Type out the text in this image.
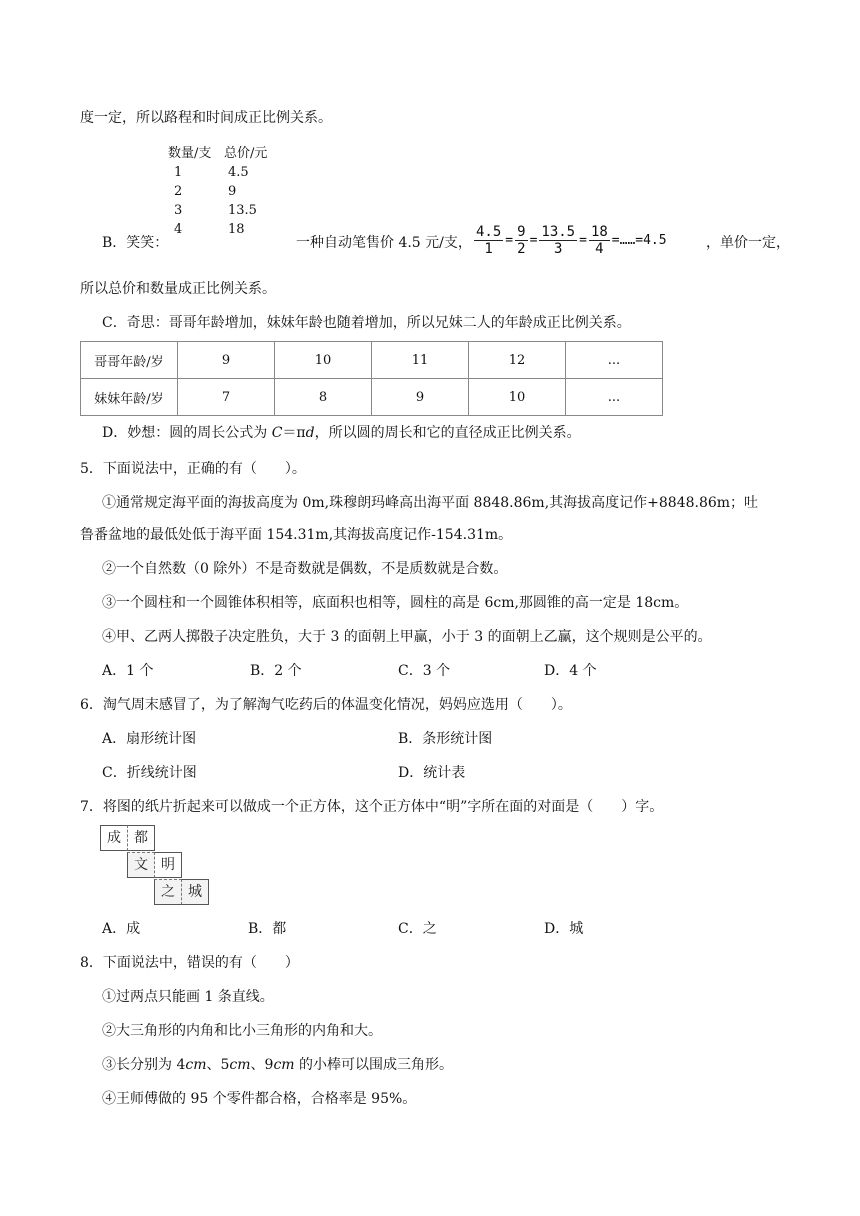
度一定，所以路程和时间成正比例关系。
数量/支 总价/元
1	4.5
2	9
3	13.5
4	18
B．笑笑：	一种自动笔售价 4.5 元/支， $\frac{4.5}{1} = \frac{9}{2} = \frac{13.5}{3} = \frac{18}{4}$ =……=4.5	，单价一定，
所以总价和数量成正比例关系。
C．奇思：哥哥年龄增加，妹妹年龄也随着增加，所以兄妹二人的年龄成正比例关系。
哥哥年龄/岁	9	10	11	12	...
妹妹年龄/岁	7	8	9	10	...
D．妙想：圆的周长公式为 C＝πd，所以圆的周长和它的直径成正比例关系。
5．下面说法中，正确的有（　　）。
①通常规定海平面的海拔高度为 0m,珠穆朗玛峰高出海平面 8848.86m,其海拔高度记作+8848.86m；吐
鲁番盆地的最低处低于海平面 154.31m,其海拔高度记作-154.31m。
②一个自然数（0 除外）不是奇数就是偶数，不是质数就是合数。
③一个圆柱和一个圆锥体积相等，底面积也相等，圆柱的高是 6cm,那圆锥的高一定是 18cm。
④甲、乙两人掷骰子决定胜负，大于 3 的面朝上甲赢，小于 3 的面朝上乙赢，这个规则是公平的。
A．1 个	B．2 个	C．3 个	D．4 个
6．淘气周末感冒了，为了解淘气吃药后的体温变化情况，妈妈应选用（　　）。
A．扇形统计图	B．条形统计图
C．折线统计图	D．统计表
7．将图的纸片折起来可以做成一个正方体，这个正方体中“明”字所在面的对面是（　　）字。
成 都
文 明
之 城
A．成	B．都	C．之	D．城
8．下面说法中，错误的有（　　）
①过两点只能画 1 条直线。
②大三角形的内角和比小三角形的内角和大。
③长分别为 4cm、5cm、9cm 的小棒可以围成三角形。
④王师傅做的 95 个零件都合格，合格率是 95%。
